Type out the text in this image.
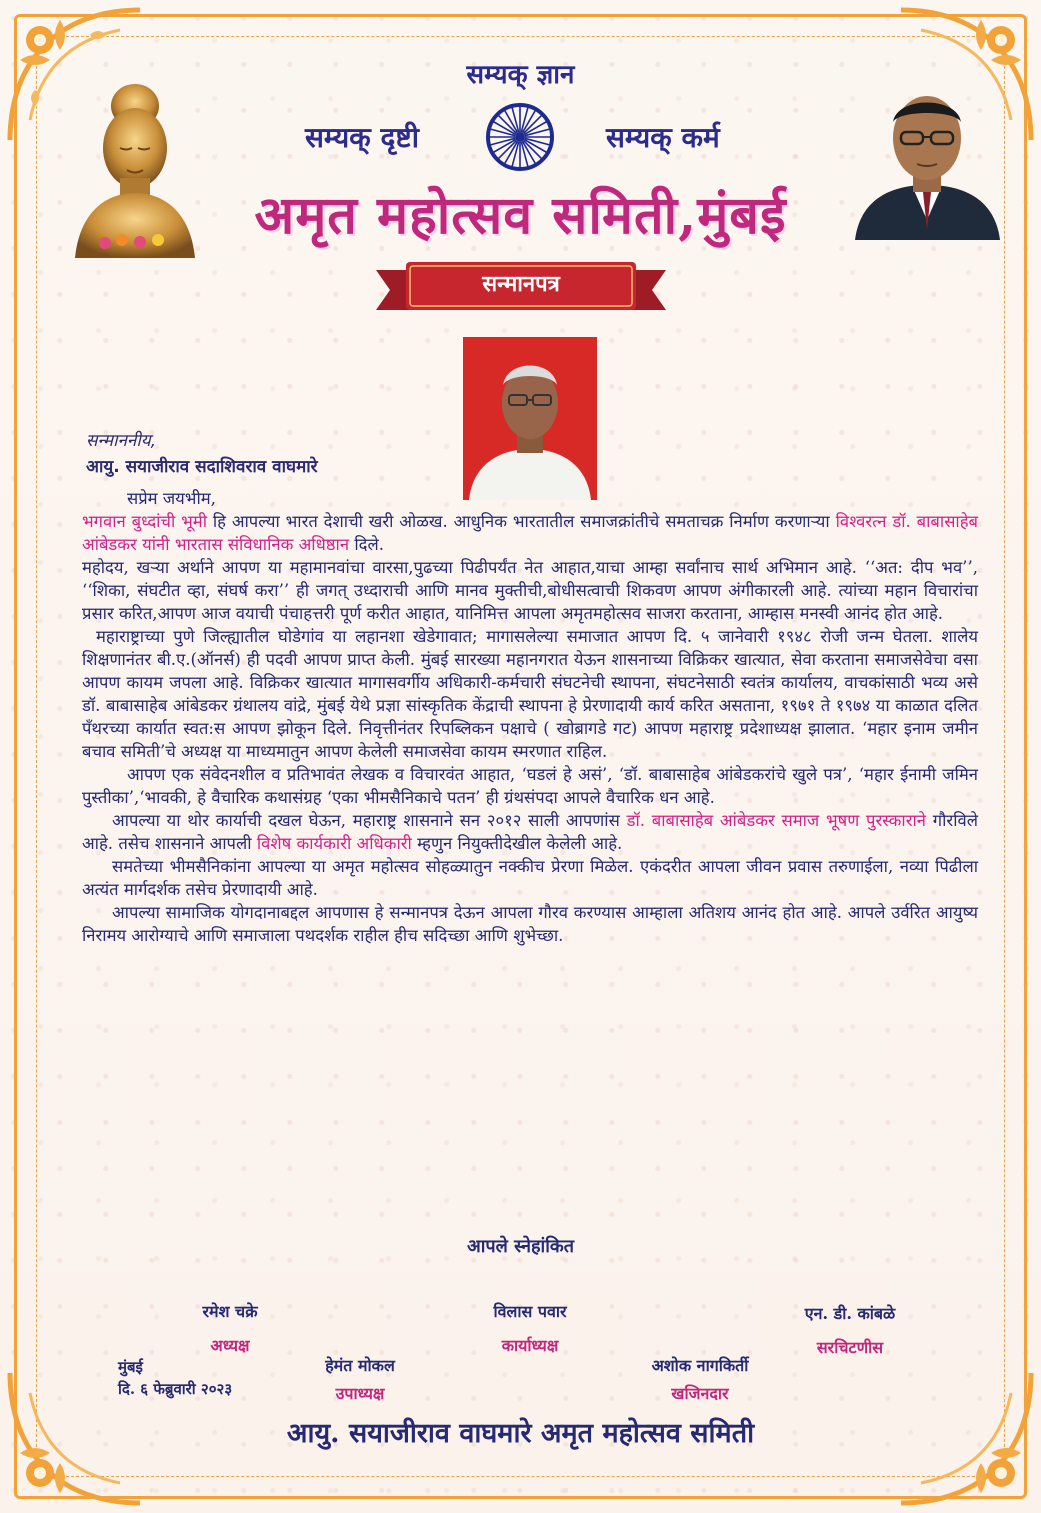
सम्यक् ज्ञान
सम्यक् दृष्टी	सम्यक् कर्म
अमृत महोत्सव समिती,मुंबई
सन्मानपत्र
सन्माननीय,
आयु. सयाजीराव सदाशिवराव वाघमारे

सप्रेम जयभीम,

भगवान बुध्दांची भूमी हि आपल्या भारत देशाची खरी ओळख. आधुनिक भारतातील समाजक्रांतीचे समताचक्र निर्माण करणाऱ्या विश्वरत्न डॉ. बाबासाहेब आंबेडकर यांनी भारतास संविधानिक अधिष्ठान दिले.

महोदय, खऱ्या अर्थाने आपण या महामानवांचा वारसा,पुढच्या पिढीपर्यंत नेत आहात,याचा आम्हा सर्वांनाच सार्थ अभिमान आहे. ‘‘अत: दीप भव’’, ‘‘शिका, संघटीत व्हा, संघर्ष करा’’ ही जगत् उध्दाराची आणि मानव मुक्तीची,बोधीसत्वाची शिकवण आपण अंगीकारली आहे. त्यांच्या महान विचारांचा प्रसार करित,आपण आज वयाची पंचाहत्तरी पूर्ण करीत आहात, यानिमित्त आपला अमृतमहोत्सव साजरा करताना, आम्हास मनस्वी आनंद होत आहे.

महाराष्ट्राच्या पुणे जिल्ह्यातील घोडेगांव या लहानशा खेडेगावात; मागासलेल्या समाजात आपण दि. ५ जानेवारी १९४८ रोजी जन्म घेतला. शालेय शिक्षणानंतर बी.ए.(ऑनर्स) ही पदवी आपण प्राप्त केली. मुंबई सारख्या महानगरात येऊन शासनाच्या विक्रिकर खात्यात, सेवा करताना समाजसेवेचा वसा आपण कायम जपला आहे. विक्रिकर खात्यात मागासवर्गीय अधिकारी-कर्मचारी संघटनेची स्थापना, संघटनेसाठी स्वतंत्र कार्यालय, वाचकांसाठी भव्य असे डॉ. बाबासाहेब आंबेडकर ग्रंथालय वांद्रे, मुंबई येथे प्रज्ञा सांस्कृतिक केंद्राची स्थापना हे प्रेरणादायी कार्य करित असताना, १९७१ ते १९७४ या काळात दलित पँथरच्या कार्यात स्वत:स आपण झोकून दिले. निवृत्तीनंतर रिपब्लिकन पक्षाचे ( खोब्रागडे गट) आपण महाराष्ट्र प्रदेशाध्यक्ष झालात. ‘महार इनाम जमीन बचाव समिती’चे अध्यक्ष या माध्यमातुन आपण केलेली समाजसेवा कायम स्मरणात राहिल.

आपण एक संवेदनशील व प्रतिभावंत लेखक व विचारवंत आहात, ‘घडलं हे असं’, ‘डॉ. बाबासाहेब आंबेडकरांचे खुले पत्र’, ‘महार ईनामी जमिन पुस्तीका’,‘भावकी, हे वैचारिक कथासंग्रह ‘एका भीमसैनिकाचे पतन’ ही ग्रंथसंपदा आपले वैचारिक धन आहे.

आपल्या या थोर कार्याची दखल घेऊन, महाराष्ट्र शासनाने सन २०१२ साली आपणांस डॉ. बाबासाहेब आंबेडकर समाज भूषण पुरस्काराने गौरविले आहे. तसेच शासनाने आपली विशेष कार्यकारी अधिकारी म्हणुन नियुक्तीदेखील केलेली आहे.

समतेच्या भीमसैनिकांना आपल्या या अमृत महोत्सव सोहळ्यातुन नक्कीच प्रेरणा मिळेल. एकंदरीत आपला जीवन प्रवास तरुणाईला, नव्या पिढीला अत्यंत मार्गदर्शक तसेच प्रेरणादायी आहे.

आपल्या सामाजिक योगदानाबद्दल आपणास हे सन्मानपत्र देऊन आपला गौरव करण्यास आम्हाला अतिशय आनंद होत आहे. आपले उर्वरित आयुष्य निरामय आरोग्याचे आणि समाजाला पथदर्शक राहील हीच सदिच्छा आणि शुभेच्छा.

आपले स्नेहांकित
रमेश चक्रे
अध्यक्ष
विलास पवार
कार्याध्यक्ष
एन. डी. कांबळे
सरचिटणीस
हेमंत मोकल
उपाध्यक्ष
अशोक नागकिर्ती
खजिनदार
मुंबई
दि. ६ फेब्रुवारी २०२३
आयु. सयाजीराव वाघमारे अमृत महोत्सव समिती
